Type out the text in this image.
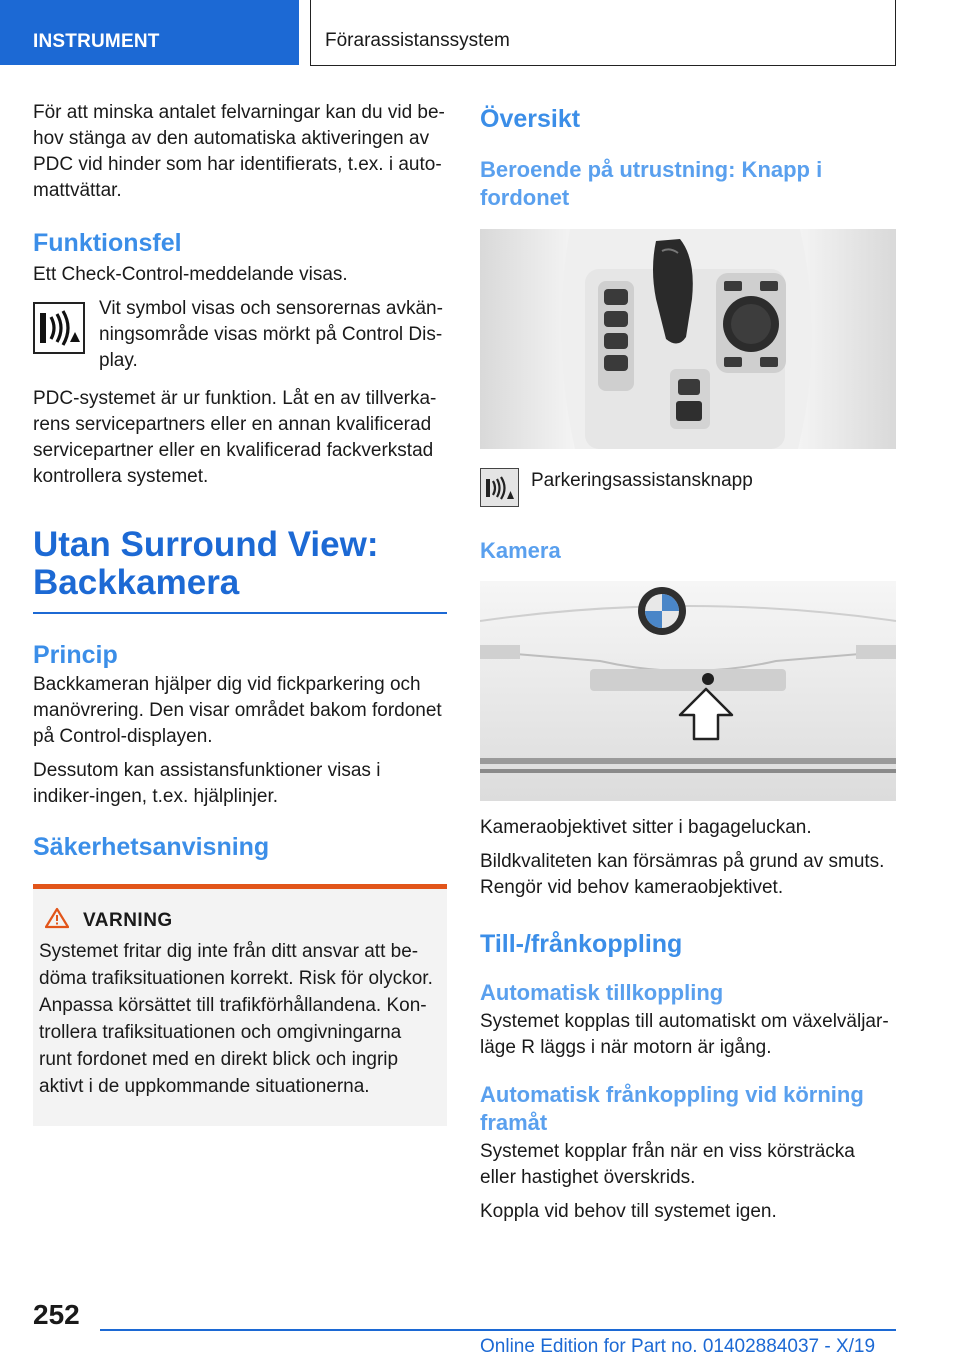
INSTRUMENT	Förarassistanssystem

För att minska antalet felvarningar kan du vid be-hov stänga av den automatiska aktiveringen av PDC vid hinder som har identifierats, t.ex. i auto-mattvättar.

Funktionsfel

Ett Check-Control-meddelande visas.

Vit symbol visas och sensorernas avkän-ningsområde visas mörkt på Control Dis-play.

PDC-systemet är ur funktion. Låt en av tillverka-rens servicepartners eller en annan kvalificerad servicepartner eller en kvalificerad fackverkstad kontrollera systemet.

Utan Surround View: Backkamera
Princip

Backkameran hjälper dig vid fickparkering och manövrering. Den visar området bakom fordonet på Control-displayen.

Dessutom kan assistansfunktioner visas i indiker-ingen, t.ex. hjälplinjer.

Säkerhetsanvisning
VARNING

Systemet fritar dig inte från ditt ansvar att be-döma trafiksituationen korrekt. Risk för olyckor. Anpassa körsättet till trafikförhållandena. Kon-trollera trafiksituationen och omgivningarna runt fordonet med en direkt blick och ingrip aktivt i de uppkommande situationerna.

Översikt
Beroende på utrustning: Knapp i fordonet

Parkeringsassistansknapp

Kamera

Kameraobjektivet sitter i bagageluckan.

Bildkvaliteten kan försämras på grund av smuts. Rengör vid behov kameraobjektivet.

Till-/frånkoppling
Automatisk tillkoppling

Systemet kopplas till automatiskt om växelväljar-läge R läggs i när motorn är igång.

Automatisk frånkoppling vid körning framåt

Systemet kopplar från när en viss körsträcka eller hastighet överskrids.

Koppla vid behov till systemet igen.

252
Online Edition for Part no. 01402884037 - X/19
